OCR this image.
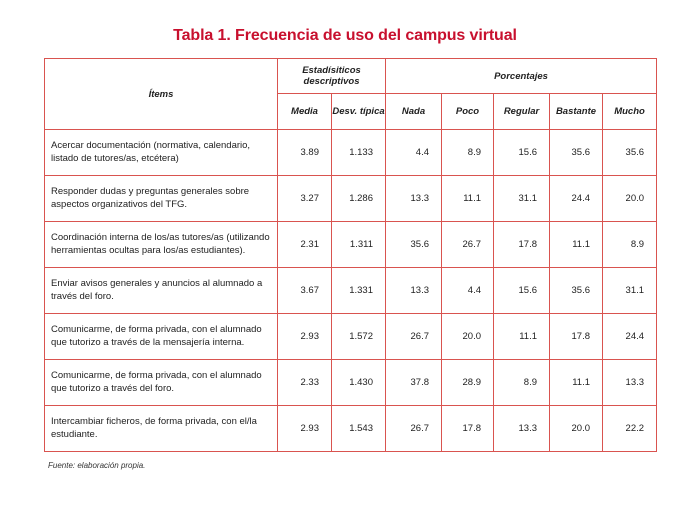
Tabla 1. Frecuencia de uso del campus virtual
Ítems	Estadísiticos descriptivos		Porcentajes				
	Media	Desv. típica	Nada	Poco	Regular	Bastante	Mucho
Acercar documentación (normativa, calendario, listado de tutores/as, etcétera)	3.89	1.133	4.4	8.9	15.6	35.6	35.6
Responder dudas y preguntas generales sobre aspectos organizativos del TFG.	3.27	1.286	13.3	11.1	31.1	24.4	20.0
Coordinación interna de los/as tutores/as (utilizando herramientas ocultas para los/as estudiantes).	2.31	1.311	35.6	26.7	17.8	11.1	8.9
Enviar avisos generales y anuncios al alumnado a través del foro.	3.67	1.331	13.3	4.4	15.6	35.6	31.1
Comunicarme, de forma privada, con el alumnado que tutorizo a través de la mensajería interna.	2.93	1.572	26.7	20.0	11.1	17.8	24.4
Comunicarme, de forma privada, con el alumnado que tutorizo a través del foro.	2.33	1.430	37.8	28.9	8.9	11.1	13.3
Intercambiar ficheros, de forma privada, con el/la estudiante.	2.93	1.543	26.7	17.8	13.3	20.0	22.2
Fuente: elaboración propia.
